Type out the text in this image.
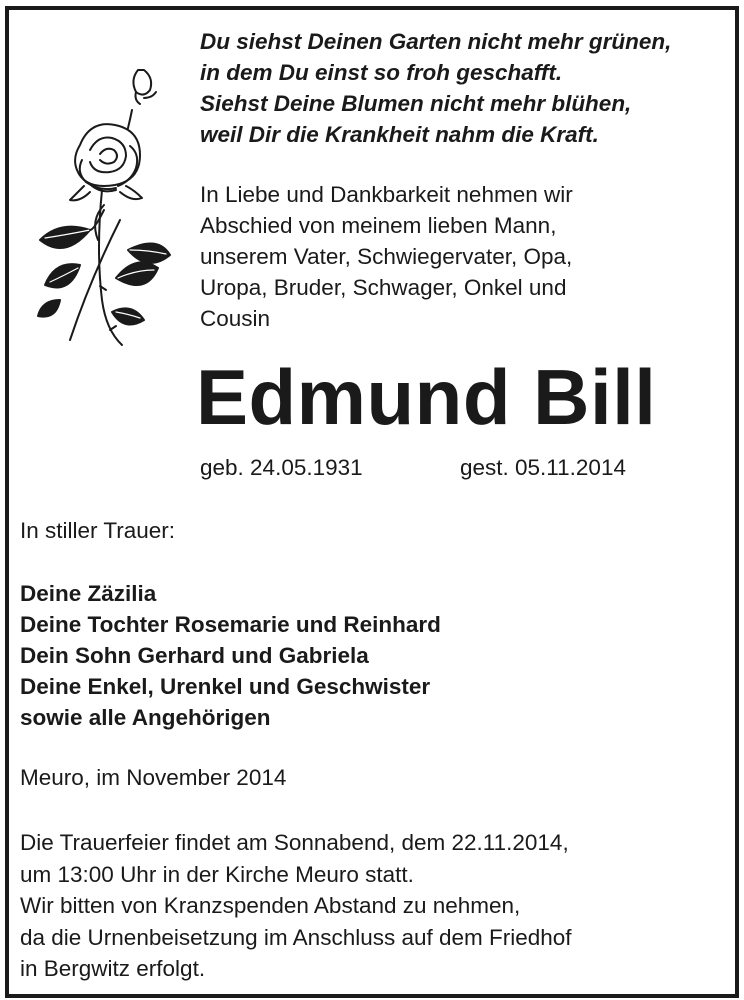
Du siehst Deinen Garten nicht mehr grünen,
in dem Du einst so froh geschafft.
Siehst Deine Blumen nicht mehr blühen,
weil Dir die Krankheit nahm die Kraft.
In Liebe und Dankbarkeit nehmen wir
Abschied von meinem lieben Mann,
unserem Vater, Schwiegervater, Opa,
Uropa, Bruder, Schwager, Onkel und
Cousin
Edmund Bill
geb. 24.05.1931	gest. 05.11.2014
In stiller Trauer:
Deine Zäzilia
Deine Tochter Rosemarie und Reinhard
Dein Sohn Gerhard und Gabriela
Deine Enkel, Urenkel und Geschwister
sowie alle Angehörigen
Meuro, im November 2014
Die Trauerfeier findet am Sonnabend, dem 22.11.2014,
um 13:00 Uhr in der Kirche Meuro statt.
Wir bitten von Kranzspenden Abstand zu nehmen,
da die Urnenbeisetzung im Anschluss auf dem Friedhof
in Bergwitz erfolgt.
